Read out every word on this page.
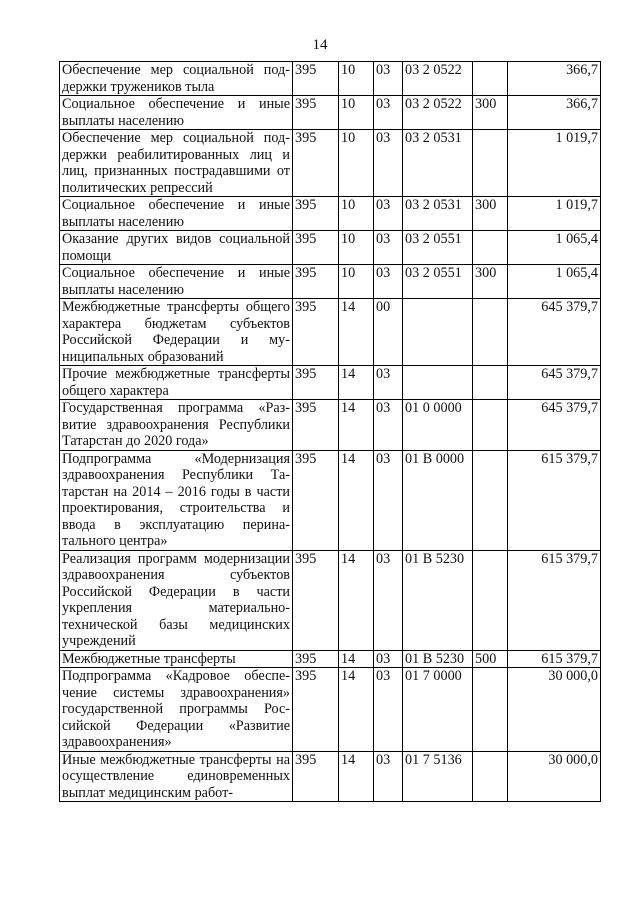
14
Обеспечение мер социальной поддержки тружеников тыла	395	10	03	03 2 0522		366,7
Социальное обеспечение и иные выплаты населению	395	10	03	03 2 0522	300	366,7
Обеспечение мер социальной поддержки реабилитированных лиц и лиц, признанных пострадавшими от политических репрессий	395	10	03	03 2 0531		1 019,7
Социальное обеспечение и иные выплаты населению	395	10	03	03 2 0531	300	1 019,7
Оказание других видов социальной помощи	395	10	03	03 2 0551		1 065,4
Социальное обеспечение и иные выплаты населению	395	10	03	03 2 0551	300	1 065,4
Межбюджетные трансферты общего характера бюджетам субъектов Российской Федерации и муниципальных образований	395	14	00			645 379,7
Прочие межбюджетные трансферты общего характера	395	14	03			645 379,7
Государственная программа «Развитие здравоохранения Республики Татарстан до 2020 года»	395	14	03	01 0 0000		645 379,7
Подпрограмма «Модернизация здравоохранения Республики Татарстан на 2014 – 2016 годы в части проектирования, строительства и ввода в эксплуатацию перинатального центра»	395	14	03	01 В 0000		615 379,7
Реализация программ модернизации здравоохранения субъектов Российской Федерации в части укрепления материально-технической базы медицинских учреждений	395	14	03	01 В 5230		615 379,7
Межбюджетные трансферты	395	14	03	01 В 5230	500	615 379,7
Подпрограмма «Кадровое обеспечение системы здравоохранения» государственной программы Российской Федерации «Развитие здравоохранения»	395	14	03	01 7 0000		30 000,0
Иные межбюджетные трансферты на осуществление единовременных выплат медицинским работ-	395	14	03	01 7 5136		30 000,0
